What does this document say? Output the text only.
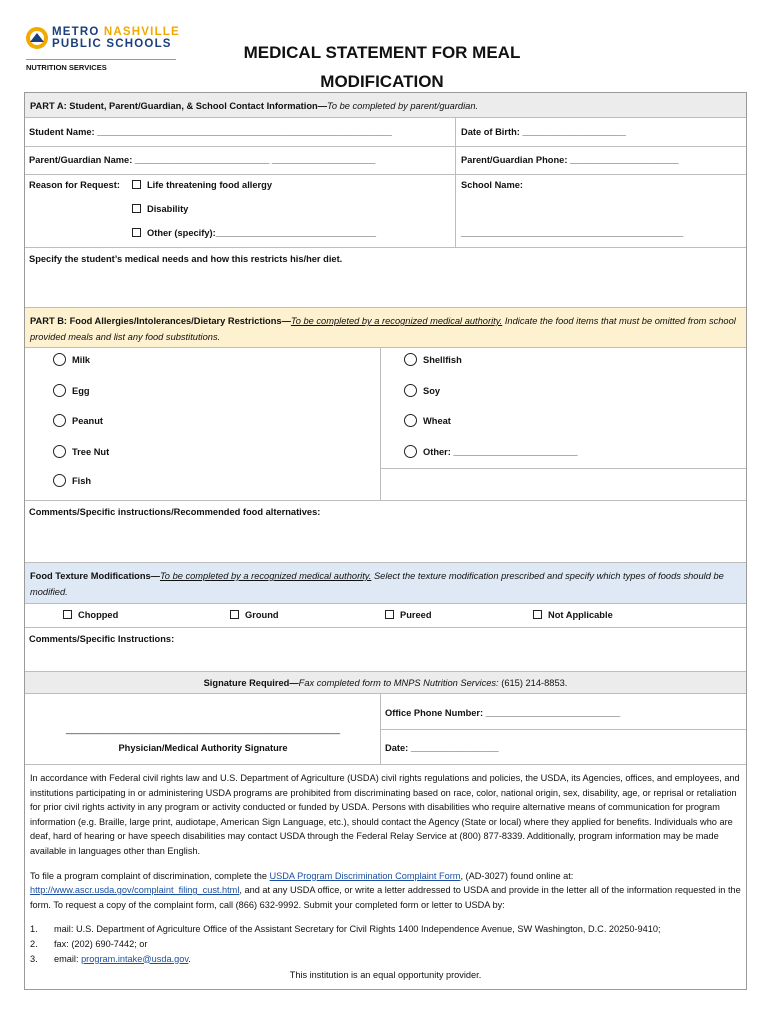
METRO NASHVILLE
PUBLIC SCHOOLS
NUTRITION SERVICES
MEDICAL STATEMENT FOR MEAL
MODIFICATION
PART A: Student, Parent/Guardian, & School Contact Information—To be completed by parent/guardian.
Student Name: _________________________________________________________	Date of Birth: ____________________
Parent/Guardian Name: __________________________ ____________________	Parent/Guardian Phone: _____________________
Reason for Request:	Life threatening food allergy
Disability
Other (specify):_______________________________
School Name:
___________________________________________
Specify the student’s medical needs and how this restricts his/her diet.
PART B: Food Allergies/Intolerances/Dietary Restrictions—To be completed by a recognized medical authority. Indicate the food items that must be omitted from school provided meals and list any food substitutions.
Milk
Egg
Peanut
Tree Nut
Fish
Shellfish
Soy
Wheat
Other: ________________________
Comments/Specific instructions/Recommended food alternatives:
Food Texture Modifications—To be completed by a recognized medical authority. Select the texture modification prescribed and specify which types of foods should be modified.
Chopped	Ground	Pureed	Not Applicable
Comments/Specific Instructions:
Signature Required—Fax completed form to MNPS Nutrition Services: (615) 214-8853.
_____________________________________________________
Physician/Medical Authority Signature
Office Phone Number: __________________________
Date: _________________

In accordance with Federal civil rights law and U.S. Department of Agriculture (USDA) civil rights regulations and policies, the USDA, its Agencies, offices, and employees, and institutions participating in or administering USDA programs are prohibited from discriminating based on race, color, national origin, sex, disability, age, or reprisal or retaliation for prior civil rights activity in any program or activity conducted or funded by USDA. Persons with disabilities who require alternative means of communication for program information (e.g. Braille, large print, audiotape, American Sign Language, etc.), should contact the Agency (State or local) where they applied for benefits. Individuals who are deaf, hard of hearing or have speech disabilities may contact USDA through the Federal Relay Service at (800) 877-8339. Additionally, program information may be made available in languages other than English.

To file a program complaint of discrimination, complete the USDA Program Discrimination Complaint Form, (AD-3027) found online at: http://www.ascr.usda.gov/complaint_filing_cust.html, and at any USDA office, or write a letter addressed to USDA and provide in the letter all of the information requested in the form. To request a copy of the complaint form, call (866) 632-9992. Submit your completed form or letter to USDA by:

1.	mail: U.S. Department of Agriculture Office of the Assistant Secretary for Civil Rights 1400 Independence Avenue, SW Washington, D.C. 20250-9410;
2.	fax: (202) 690-7442; or
3.	email: program.intake@usda.gov.
This institution is an equal opportunity provider.
